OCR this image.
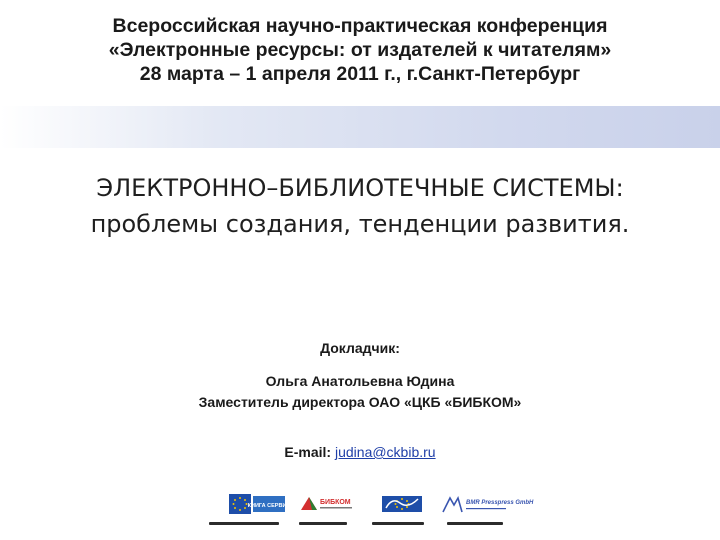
Всероссийская научно-практическая конференция
«Электронные ресурсы: от издателей к читателям»
28 марта – 1 апреля 2011 г., г.Санкт-Петербург
ЭЛЕКТРОННО–БИБЛИОТЕЧНЫЕ СИСТЕМЫ:
проблемы создания, тенденции развития.
Докладчик:
Ольга Анатольевна Юдина
Заместитель директора ОАО «ЦКБ «БИБКОМ»
E-mail: judina@ckbib.ru
КНИГА СЕРВИС	БИБКОМ	BMR Presspress GmbH
